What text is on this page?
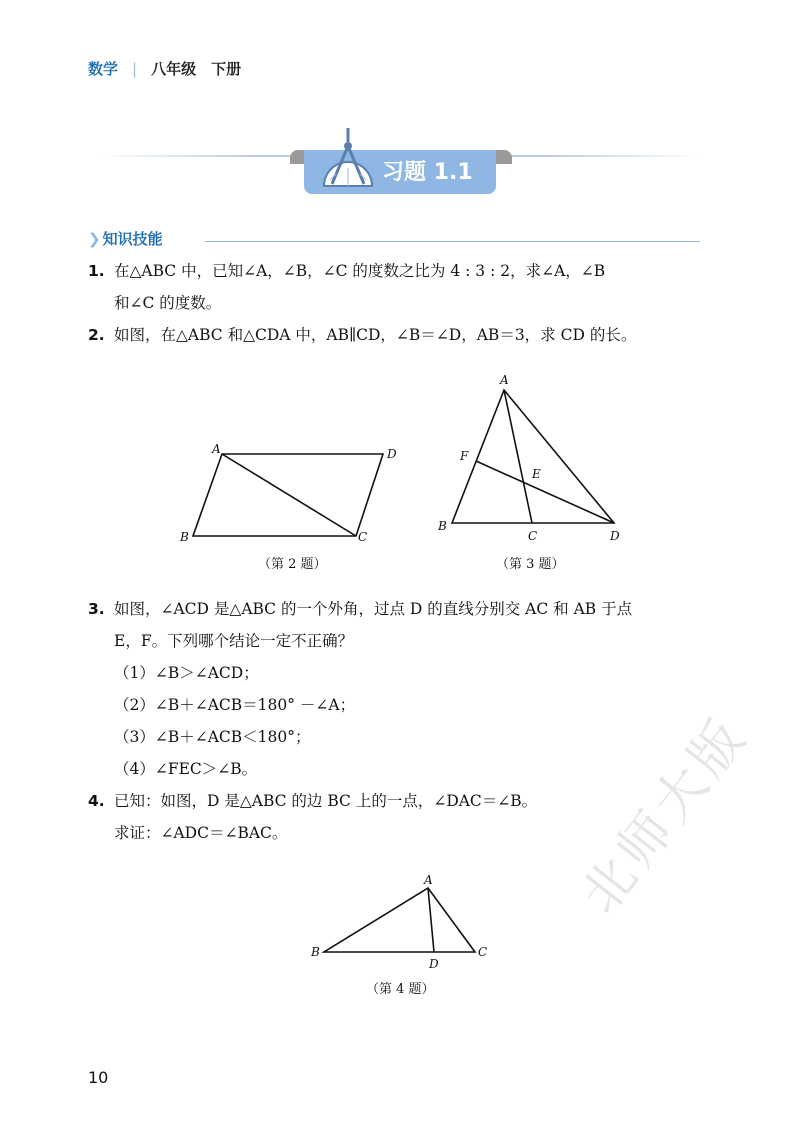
数学 | 八年级　下册
习题 1.1
❯ 知识技能
1. 在△ABC 中，已知∠A，∠B，∠C 的度数之比为 4 : 3 : 2，求∠A，∠B
和∠C 的度数。
2. 如图，在△ABC 和△CDA 中，AB∥CD，∠B＝∠D，AB＝3，求 CD 的长。
A	D
B	C
（第 2 题）
A
F
E
B
C	D
（第 3 题）
3. 如图，∠ACD 是△ABC 的一个外角，过点 D 的直线分别交 AC 和 AB 于点
E，F。下列哪个结论一定不正确？
（1）∠B＞∠ACD；
（2）∠B＋∠ACB＝180° －∠A；
（3）∠B＋∠ACB＜180°；
（4）∠FEC＞∠B。
4. 已知：如图，D 是△ABC 的边 BC 上的一点，∠DAC＝∠B。
求证：∠ADC＝∠BAC。
A
B	C
D
（第 4 题）
10
北师大版
